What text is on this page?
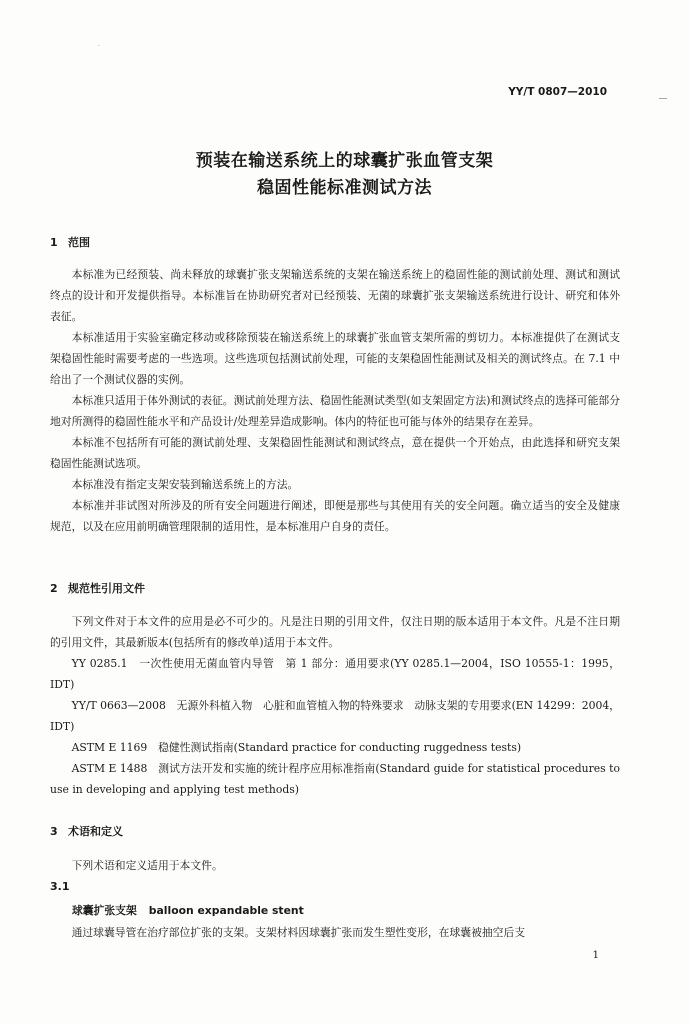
·
YY/T 0807—2010
预装在输送系统上的球囊扩张血管支架
稳固性能标准测试方法
1 范围
本标准为已经预装、尚未释放的球囊扩张支架输送系统的支架在输送系统上的稳固性能的测试前处理、测试和测试终点的设计和开发提供指导。本标准旨在协助研究者对已经预装、无菌的球囊扩张支架输送系统进行设计、研究和体外表征。
本标准适用于实验室确定移动或移除预装在输送系统上的球囊扩张血管支架所需的剪切力。本标准提供了在测试支架稳固性能时需要考虑的一些选项。这些选项包括测试前处理，可能的支架稳固性能测试及相关的测试终点。在 7.1 中给出了一个测试仪器的实例。
本标准只适用于体外测试的表征。测试前处理方法、稳固性能测试类型(如支架固定方法)和测试终点的选择可能部分地对所测得的稳固性能水平和产品设计/处理差异造成影响。体内的特征也可能与体外的结果存在差异。
本标准不包括所有可能的测试前处理、支架稳固性能测试和测试终点，意在提供一个开始点，由此选择和研究支架稳固性能测试选项。
本标准没有指定支架安装到输送系统上的方法。
本标准并非试图对所涉及的所有安全问题进行阐述，即便是那些与其使用有关的安全问题。确立适当的安全及健康规范，以及在应用前明确管理限制的适用性，是本标准用户自身的责任。
2 规范性引用文件
下列文件对于本文件的应用是必不可少的。凡是注日期的引用文件，仅注日期的版本适用于本文件。凡是不注日期的引用文件，其最新版本(包括所有的修改单)适用于本文件。
YY 0285.1　一次性使用无菌血管内导管　第 1 部分：通用要求(YY 0285.1—2004，ISO 10555-1：1995，IDT)
YY/T 0663—2008　无源外科植入物　心脏和血管植入物的特殊要求　动脉支架的专用要求(EN 14299：2004，IDT)
ASTM E 1169　稳健性测试指南(Standard practice for conducting ruggedness tests)
ASTM E 1488　测试方法开发和实施的统计程序应用标准指南(Standard guide for statistical procedures to use in developing and applying test methods)
3 术语和定义
下列术语和定义适用于本文件。
3.1
球囊扩张支架 balloon expandable stent
通过球囊导管在治疗部位扩张的支架。支架材料因球囊扩张而发生塑性变形，在球囊被抽空后支
1
